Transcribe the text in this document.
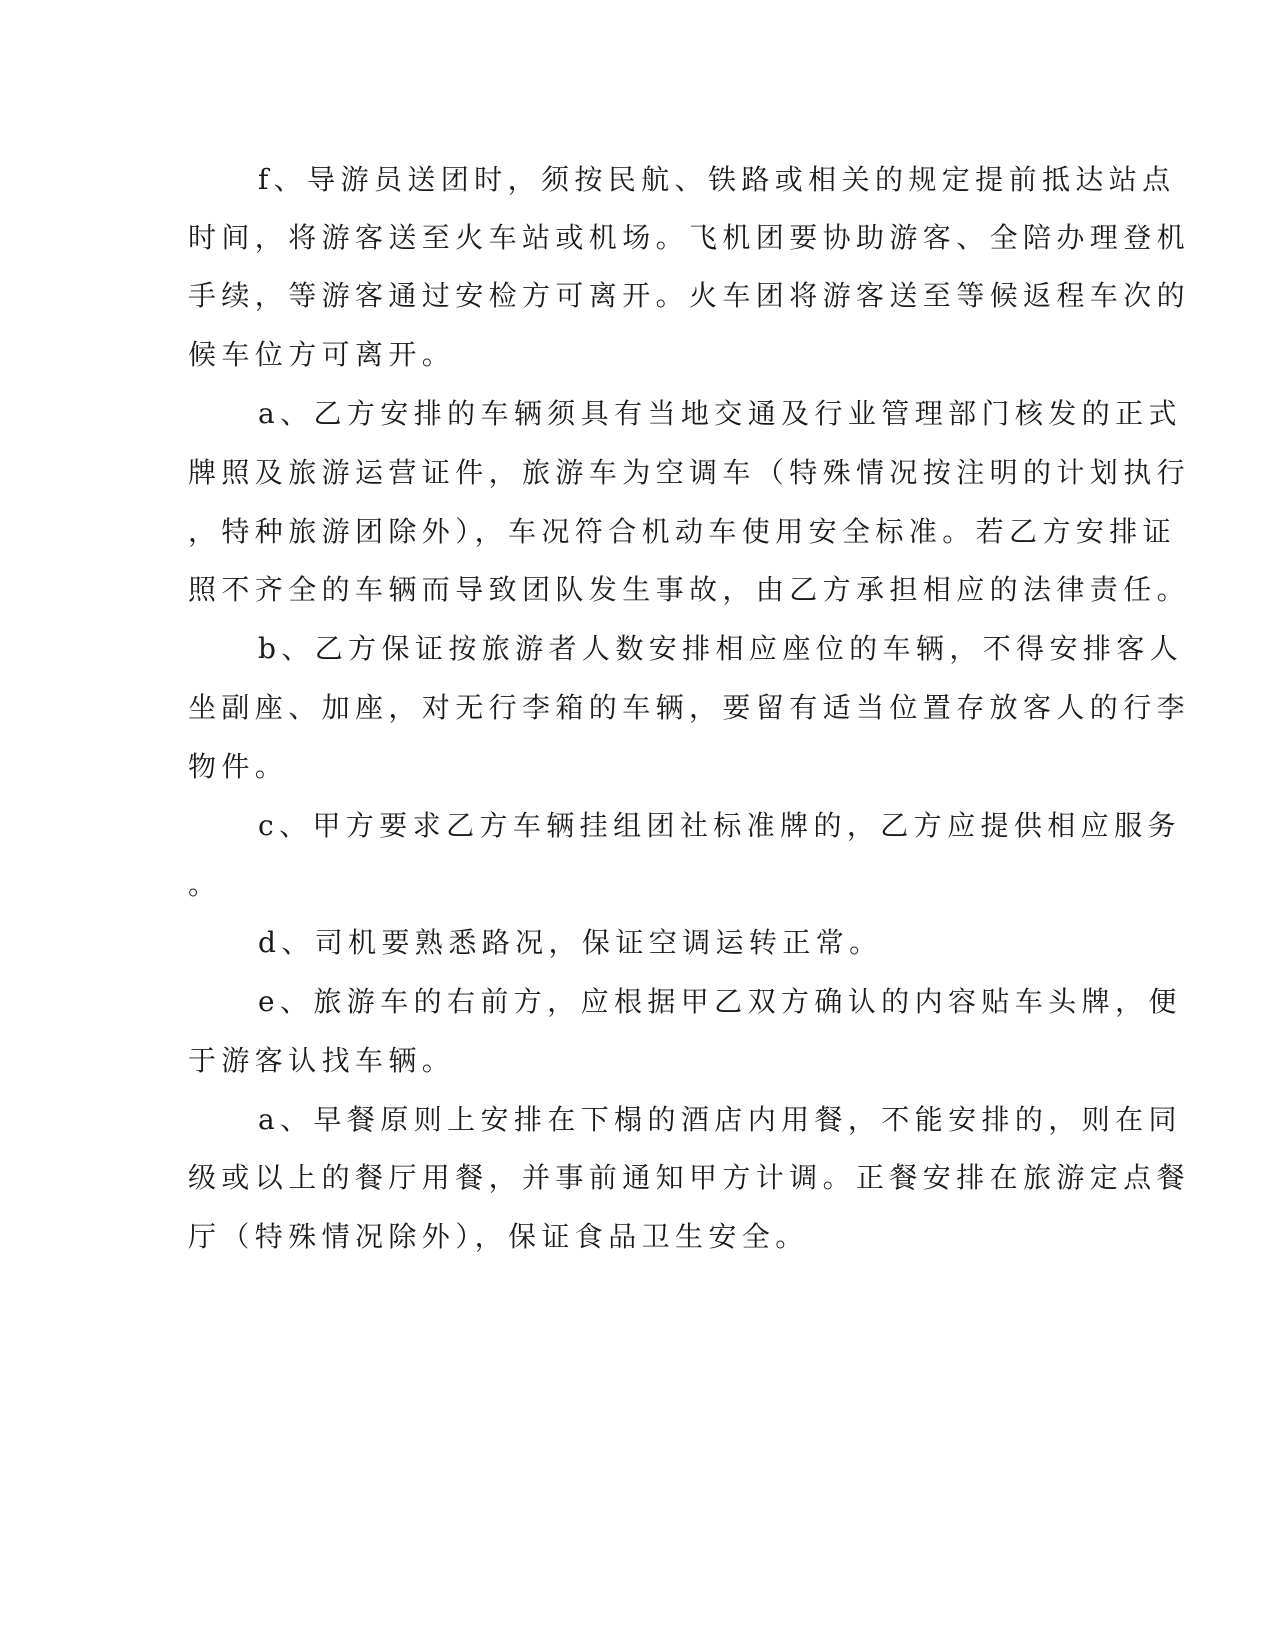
f、导游员送团时，须按民航、铁路或相关的规定提前抵达站点
时间，将游客送至火车站或机场。飞机团要协助游客、全陪办理登机
手续，等游客通过安检方可离开。火车团将游客送至等候返程车次的
候车位方可离开。
a、乙方安排的车辆须具有当地交通及行业管理部门核发的正式
牌照及旅游运营证件，旅游车为空调车（特殊情况按注明的计划执行
，特种旅游团除外），车况符合机动车使用安全标准。若乙方安排证
照不齐全的车辆而导致团队发生事故，由乙方承担相应的法律责任。
b、乙方保证按旅游者人数安排相应座位的车辆，不得安排客人
坐副座、加座，对无行李箱的车辆，要留有适当位置存放客人的行李
物件。
c、甲方要求乙方车辆挂组团社标准牌的，乙方应提供相应服务
。
d、司机要熟悉路况，保证空调运转正常。
e、旅游车的右前方，应根据甲乙双方确认的内容贴车头牌，便
于游客认找车辆。
a、早餐原则上安排在下榻的酒店内用餐，不能安排的，则在同
级或以上的餐厅用餐，并事前通知甲方计调。正餐安排在旅游定点餐
厅（特殊情况除外），保证食品卫生安全。
